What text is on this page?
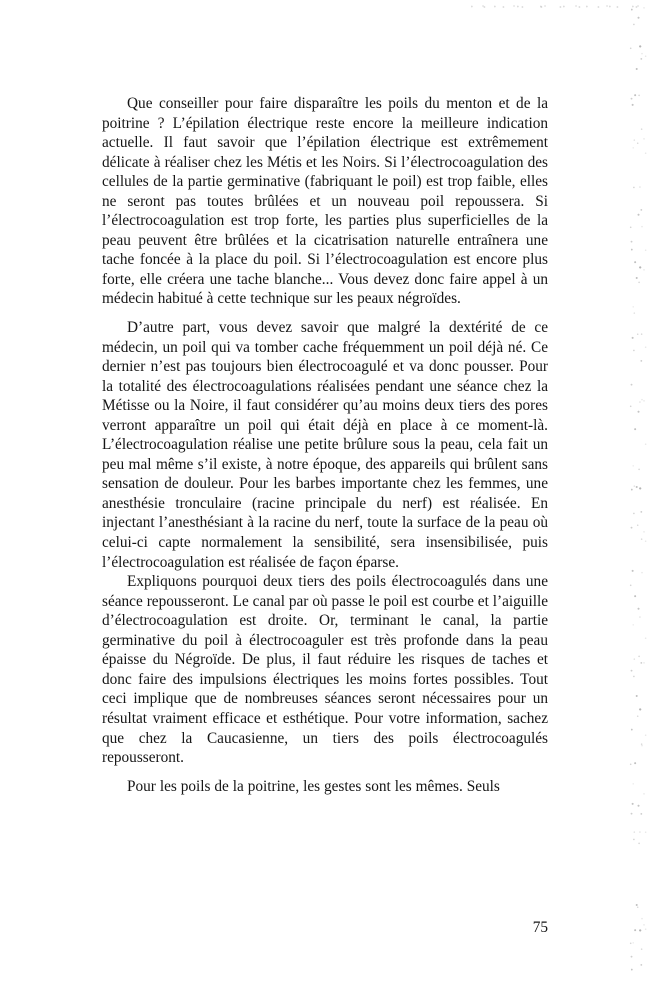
Que conseiller pour faire disparaître les poils du menton et de la poitrine ? L’épilation électrique reste encore la meilleure indication actuelle. Il faut savoir que l’épilation électrique est extrêmement délicate à réaliser chez les Métis et les Noirs. Si l’électrocoagulation des cellules de la partie germinative (fabriquant le poil) est trop faible, elles ne seront pas toutes brûlées et un nouveau poil repoussera. Si l’électrocoagulation est trop forte, les parties plus superficielles de la peau peuvent être brûlées et la cicatrisation naturelle entraînera une tache foncée à la place du poil. Si l’électrocoagulation est encore plus forte, elle créera une tache blanche... Vous devez donc faire appel à un médecin habitué à cette technique sur les peaux négroïdes.

D’autre part, vous devez savoir que malgré la dextérité de ce médecin, un poil qui va tomber cache fréquemment un poil déjà né. Ce dernier n’est pas toujours bien électrocoagulé et va donc pousser. Pour la totalité des électrocoagulations réalisées pendant une séance chez la Métisse ou la Noire, il faut considérer qu’au moins deux tiers des pores verront apparaître un poil qui était déjà en place à ce moment-là. L’électrocoagulation réalise une petite brûlure sous la peau, cela fait un peu mal même s’il existe, à notre époque, des appareils qui brûlent sans sensation de douleur. Pour les barbes importante chez les femmes, une anesthésie tronculaire (racine principale du nerf) est réalisée. En injectant l’anesthésiant à la racine du nerf, toute la surface de la peau où celui-ci capte normalement la sensibilité, sera insensibilisée, puis l’électrocoagulation est réalisée de façon éparse.

Expliquons pourquoi deux tiers des poils électrocoagulés dans une séance repousseront. Le canal par où passe le poil est courbe et l’aiguille d’électrocoagulation est droite. Or, terminant le canal, la partie germinative du poil à électrocoaguler est très profonde dans la peau épaisse du Négroïde. De plus, il faut réduire les risques de taches et donc faire des impulsions électriques les moins fortes possibles. Tout ceci implique que de nombreuses séances seront nécessaires pour un résultat vraiment efficace et esthétique. Pour votre information, sachez que chez la Caucasienne, un tiers des poils électrocoagulés repousseront.

Pour les poils de la poitrine, les gestes sont les mêmes. Seuls

75
